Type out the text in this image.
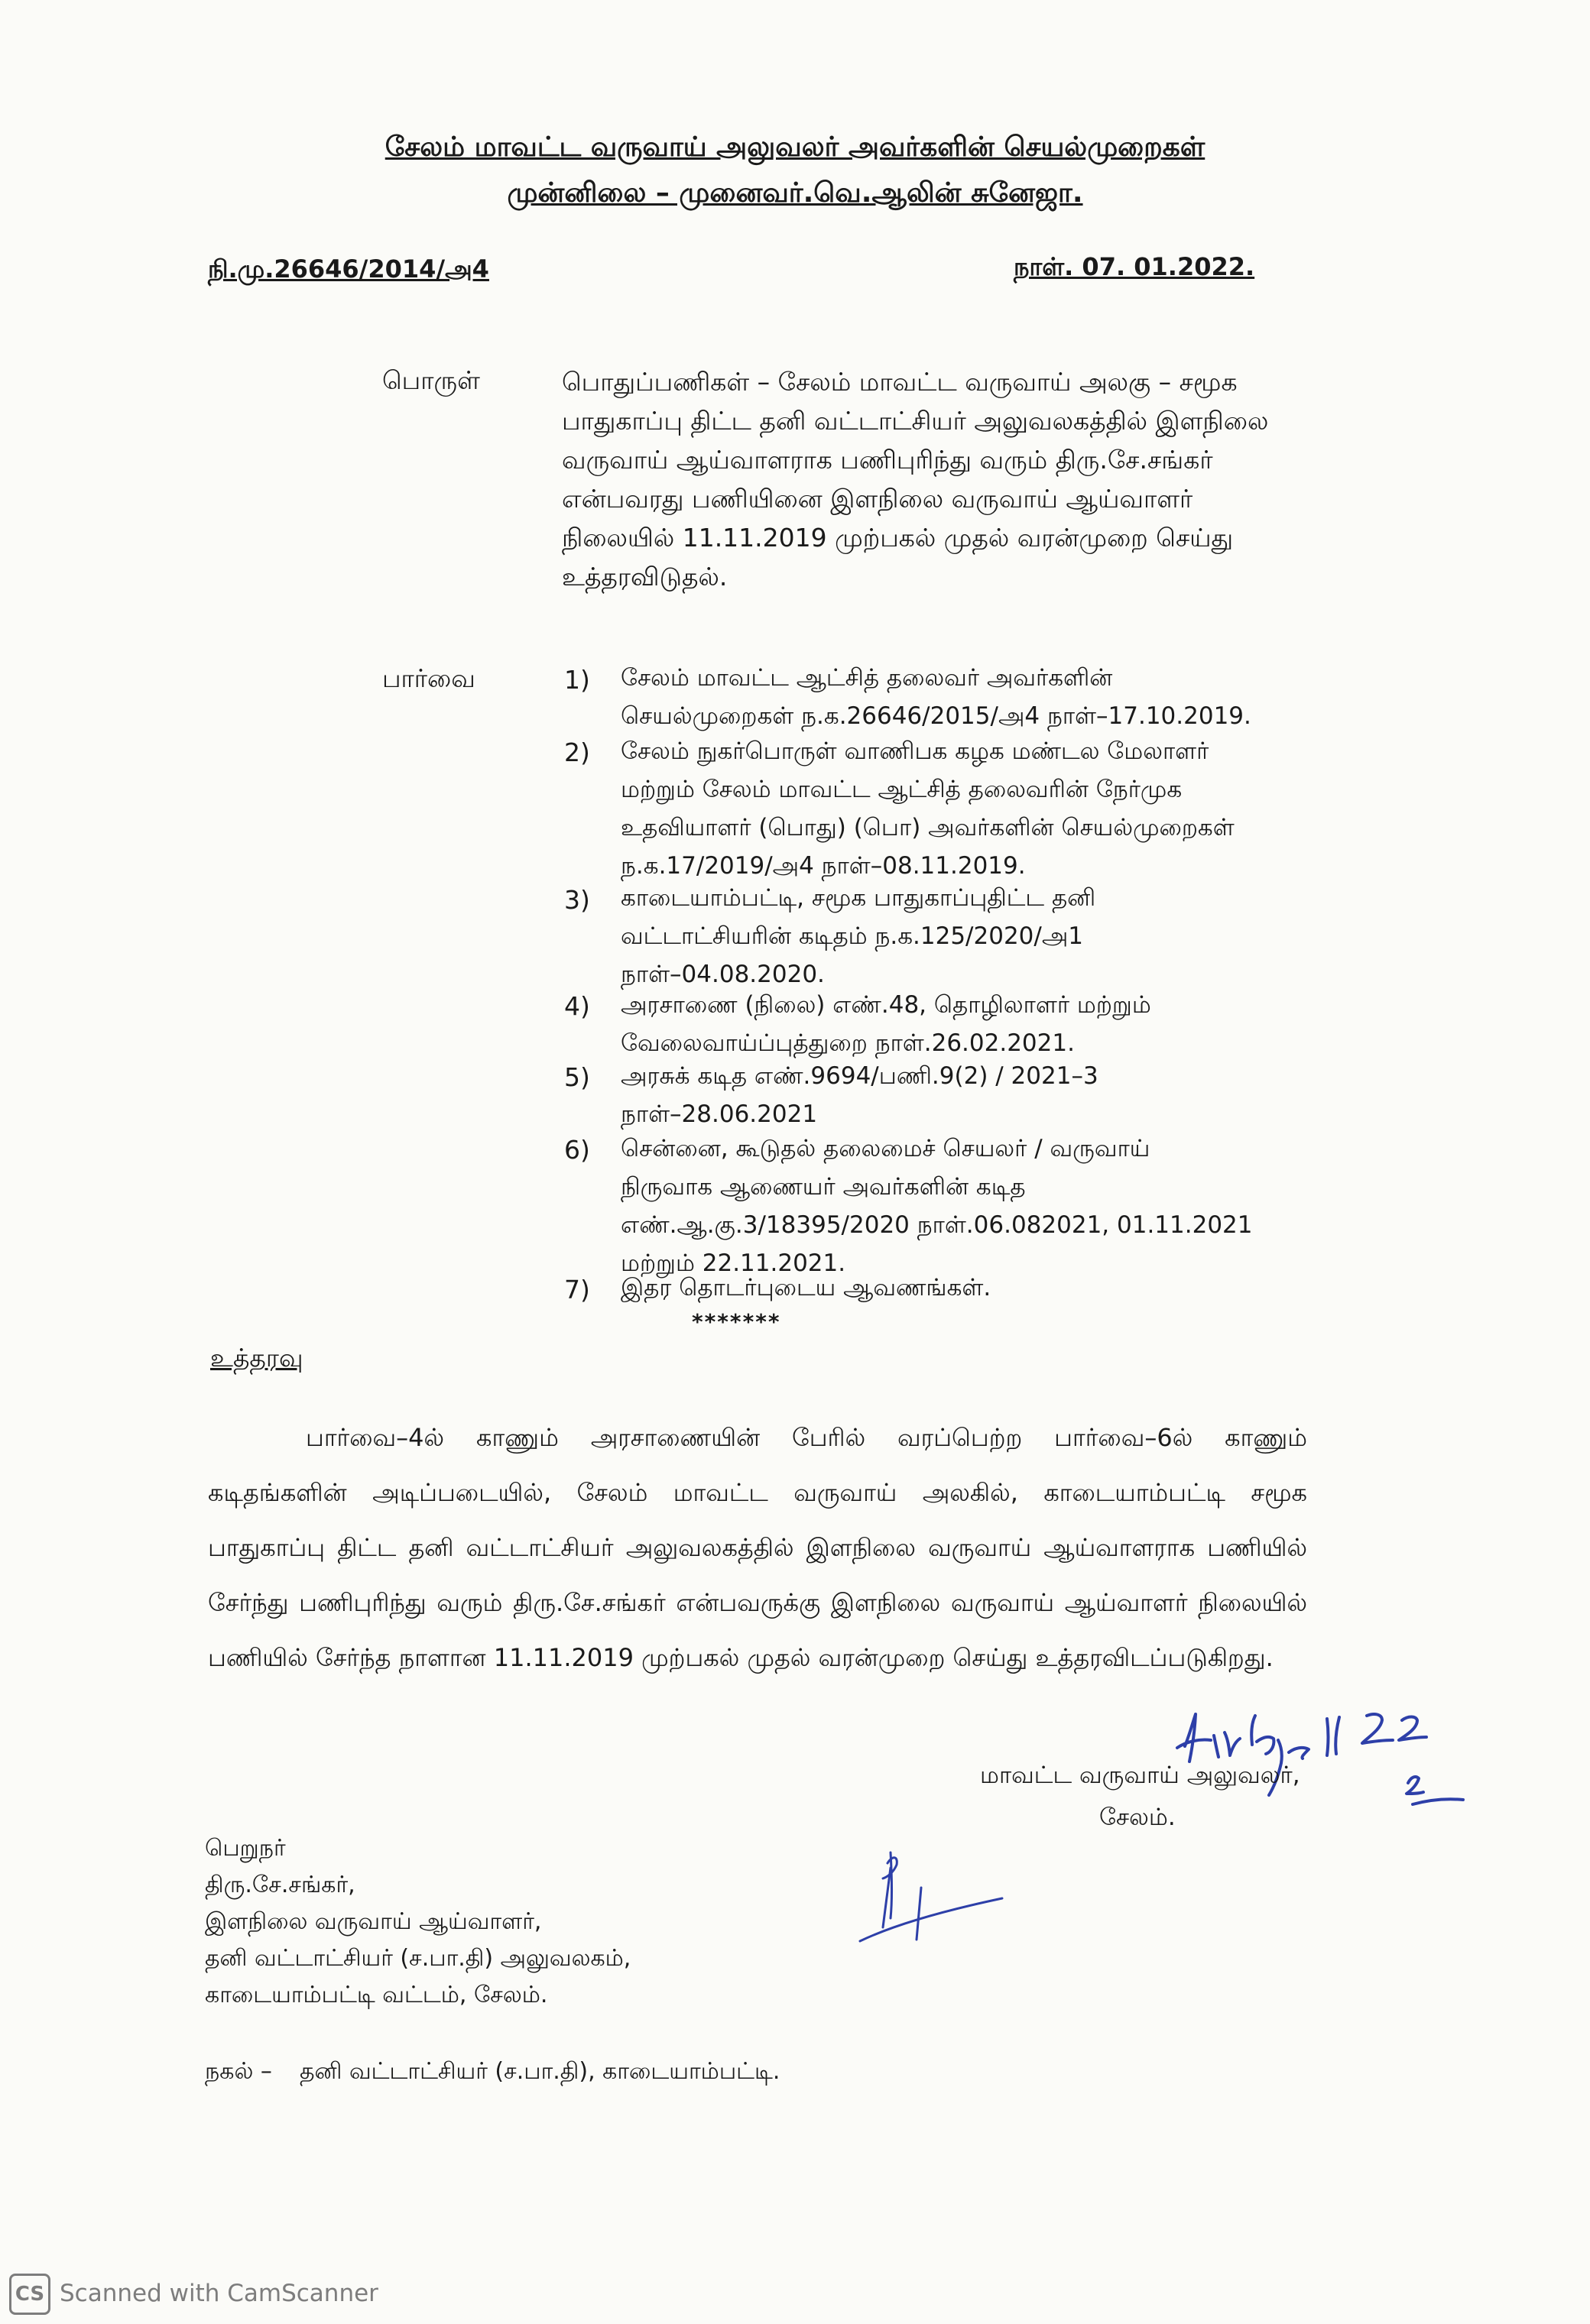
சேலம் மாவட்ட வருவாய் அலுவலர் அவர்களின் செயல்முறைகள்
முன்னிலை – முனைவர்.வெ.ஆலின் சுனேஜா.
நி.மு.26646/2014/அ4	நாள். 07. 01.2022.
பொருள்	பொதுப்பணிகள் – சேலம் மாவட்ட வருவாய் அலகு – சமூக
பாதுகாப்பு திட்ட தனி வட்டாட்சியர் அலுவலகத்தில் இளநிலை
வருவாய் ஆய்வாளராக பணிபுரிந்து வரும் திரு.சே.சங்கர்
என்பவரது பணியினை இளநிலை வருவாய் ஆய்வாளர்
நிலையில் 11.11.2019 முற்பகல் முதல் வரன்முறை செய்து
உத்தரவிடுதல்.
பார்வை	1) சேலம் மாவட்ட ஆட்சித் தலைவர் அவர்களின்
செயல்முறைகள் ந.க.26646/2015/அ4 நாள்–17.10.2019.
2) சேலம் நுகர்பொருள் வாணிபக கழக மண்டல மேலாளர்
மற்றும் சேலம் மாவட்ட ஆட்சித் தலைவரின் நேர்முக
உதவியாளர் (பொது) (பொ) அவர்களின் செயல்முறைகள்
ந.க.17/2019/அ4 நாள்–08.11.2019.
3) காடையாம்பட்டி, சமூக பாதுகாப்புதிட்ட தனி
வட்டாட்சியரின் கடிதம் ந.க.125/2020/அ1
நாள்–04.08.2020.
4) அரசாணை (நிலை) எண்.48, தொழிலாளர் மற்றும்
வேலைவாய்ப்புத்துறை நாள்.26.02.2021.
5) அரசுக் கடித எண்.9694/பணி.9(2) / 2021–3
நாள்–28.06.2021
6) சென்னை, கூடுதல் தலைமைச் செயலர் / வருவாய்
நிருவாக ஆணையர் அவர்களின் கடித
எண்.ஆ.கு.3/18395/2020 நாள்.06.082021, 01.11.2021
மற்றும் 22.11.2021.
7) இதர தொடர்புடைய ஆவணங்கள்.
*******
உத்தரவு
பார்வை–4ல் காணும் அரசாணையின் பேரில் வரப்பெற்ற பார்வை–6ல் காணும்
கடிதங்களின் அடிப்படையில், சேலம் மாவட்ட வருவாய் அலகில், காடையாம்பட்டி சமூக
பாதுகாப்பு திட்ட தனி வட்டாட்சியர் அலுவலகத்தில் இளநிலை வருவாய் ஆய்வாளராக பணியில்
சேர்ந்து பணிபுரிந்து வரும் திரு.சே.சங்கர் என்பவருக்கு இளநிலை வருவாய் ஆய்வாளர் நிலையில்
பணியில் சேர்ந்த நாளான 11.11.2019 முற்பகல் முதல் வரன்முறை செய்து உத்தரவிடப்படுகிறது.
மாவட்ட வருவாய் அலுவலர்,
சேலம்.
பெறுநர்
திரு.சே.சங்கர்,
இளநிலை வருவாய் ஆய்வாளர்,
தனி வட்டாட்சியர் (ச.பா.தி) அலுவலகம்,
காடையாம்பட்டி வட்டம், சேலம்.
நகல் – தனி வட்டாட்சியர் (ச.பா.தி), காடையாம்பட்டி.
CS Scanned with CamScanner
